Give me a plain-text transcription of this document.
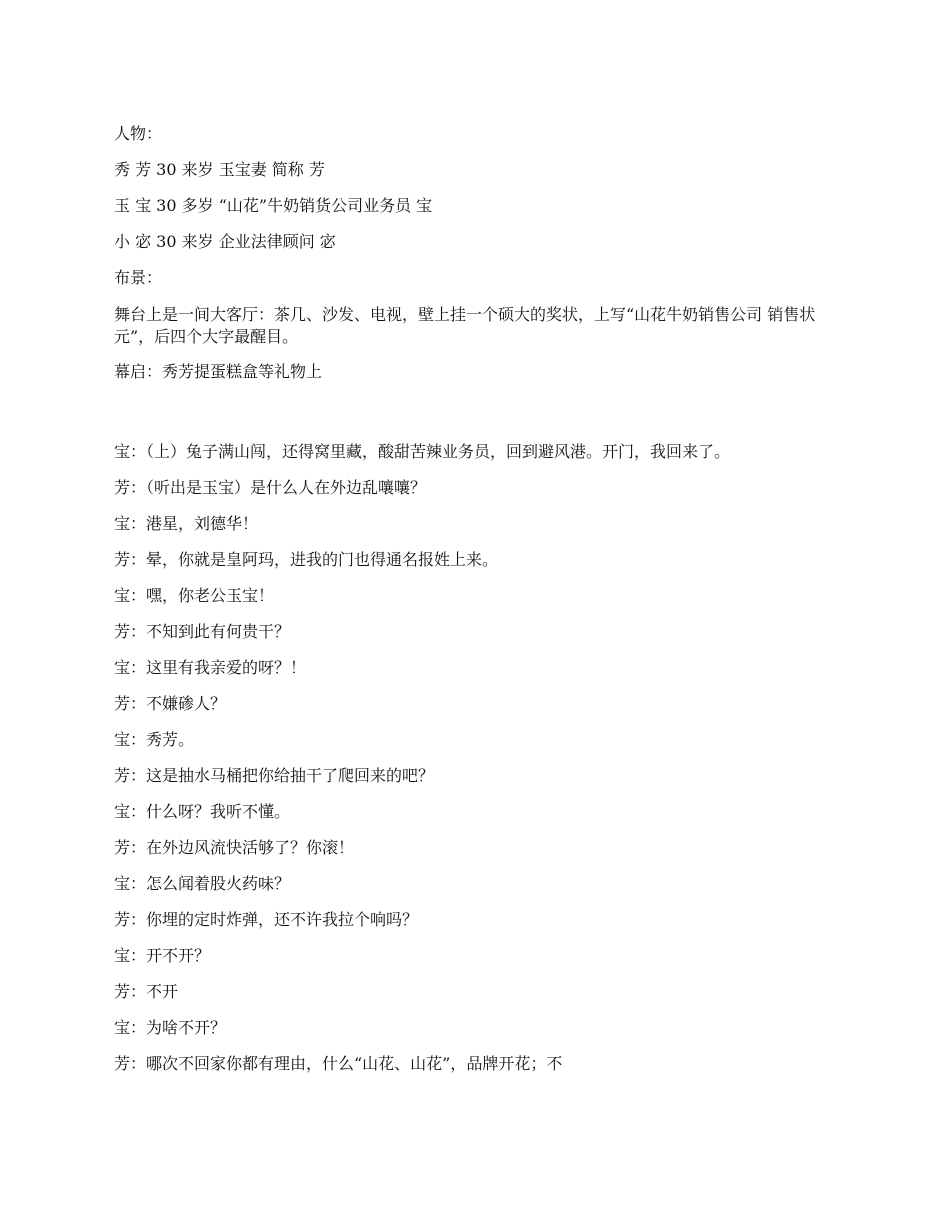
人物：
秀 芳 30 来岁 玉宝妻 简称 芳
玉 宝 30 多岁 “山花”牛奶销货公司业务员 宝
小 宓 30 来岁 企业法律顾问 宓
布景：
舞台上是一间大客厅：茶几、沙发、电视，壁上挂一个硕大的奖状，上写“山花牛奶销售公司 销售状元”，后四个大字最醒目。
幕启：秀芳提蛋糕盒等礼物上
宝：（上）兔子满山闯，还得窝里藏，酸甜苦辣业务员，回到避风港。开门，我回来了。
芳：（听出是玉宝）是什么人在外边乱嚷嚷？
宝：港星，刘德华！
芳：晕，你就是皇阿玛，进我的门也得通名报姓上来。
宝：嘿，你老公玉宝！
芳：不知到此有何贵干？
宝：这里有我亲爱的呀？！
芳：不嫌碜人？
宝：秀芳。
芳：这是抽水马桶把你给抽干了爬回来的吧？
宝：什么呀？我听不懂。
芳：在外边风流快活够了？你滚！
宝：怎么闻着股火药味？
芳：你埋的定时炸弹，还不许我拉个响吗？
宝：开不开？
芳：不开
宝：为啥不开？
芳：哪次不回家你都有理由，什么“山花、山花”，品牌开花；不
